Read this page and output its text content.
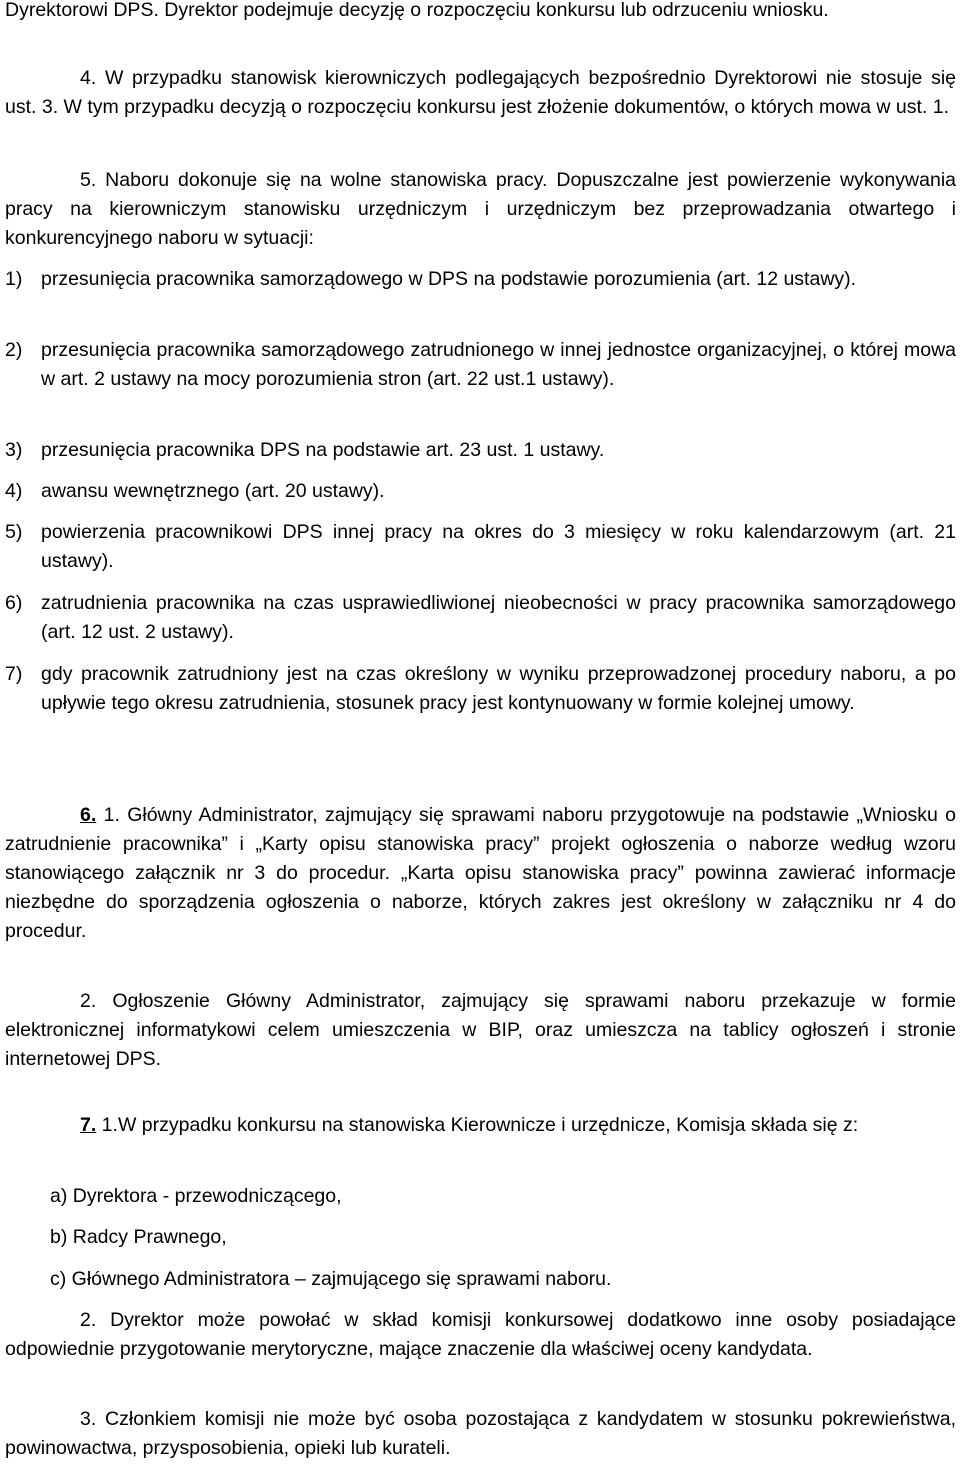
Dyrektorowi DPS. Dyrektor podejmuje decyzję o rozpoczęciu konkursu lub odrzuceniu wniosku.

4. W przypadku stanowisk kierowniczych podlegających bezpośrednio Dyrektorowi nie stosuje się ust. 3. W tym przypadku decyzją o rozpoczęciu konkursu jest złożenie dokumentów, o których mowa w ust. 1.

5. Naboru dokonuje się na wolne stanowiska pracy. Dopuszczalne jest powierzenie wykonywania pracy na kierowniczym stanowisku urzędniczym i urzędniczym bez przeprowadzania otwartego i konkurencyjnego naboru w sytuacji:

1) przesunięcia pracownika samorządowego w DPS na podstawie porozumienia (art. 12 ustawy).
2) przesunięcia pracownika samorządowego zatrudnionego w innej jednostce organizacyjnej, o której mowa w art. 2 ustawy na mocy porozumienia stron (art. 22 ust.1 ustawy).
3) przesunięcia pracownika DPS na podstawie art. 23 ust. 1 ustawy.
4) awansu wewnętrznego (art. 20 ustawy).
5) powierzenia pracownikowi DPS innej pracy na okres do 3 miesięcy w roku kalendarzowym (art. 21 ustawy).
6) zatrudnienia pracownika na czas usprawiedliwionej nieobecności w pracy pracownika samorządowego (art. 12 ust. 2 ustawy).
7) gdy pracownik zatrudniony jest na czas określony w wyniku przeprowadzonej procedury naboru, a po upływie tego okresu zatrudnienia, stosunek pracy jest kontynuowany w formie kolejnej umowy.

6. 1. Główny Administrator, zajmujący się sprawami naboru przygotowuje na podstawie „Wniosku o zatrudnienie pracownika” i „Karty opisu stanowiska pracy” projekt ogłoszenia o naborze według wzoru stanowiącego załącznik nr 3 do procedur. „Karta opisu stanowiska pracy” powinna zawierać informacje niezbędne do sporządzenia ogłoszenia o naborze, których zakres jest określony w załączniku nr 4 do procedur.

2. Ogłoszenie Główny Administrator, zajmujący się sprawami naboru przekazuje w formie elektronicznej informatykowi celem umieszczenia w BIP, oraz umieszcza na tablicy ogłoszeń i stronie internetowej DPS.

7. 1.W przypadku konkursu na stanowiska Kierownicze i urzędnicze, Komisja składa się z:

a) Dyrektora - przewodniczącego,

b) Radcy Prawnego,

c) Głównego Administratora – zajmującego się sprawami naboru.

2. Dyrektor może powołać w skład komisji konkursowej dodatkowo inne osoby posiadające odpowiednie przygotowanie merytoryczne, mające znaczenie dla właściwej oceny kandydata.

3. Członkiem komisji nie może być osoba pozostająca z kandydatem w stosunku pokrewieństwa, powinowactwa, przysposobienia, opieki lub kurateli.
